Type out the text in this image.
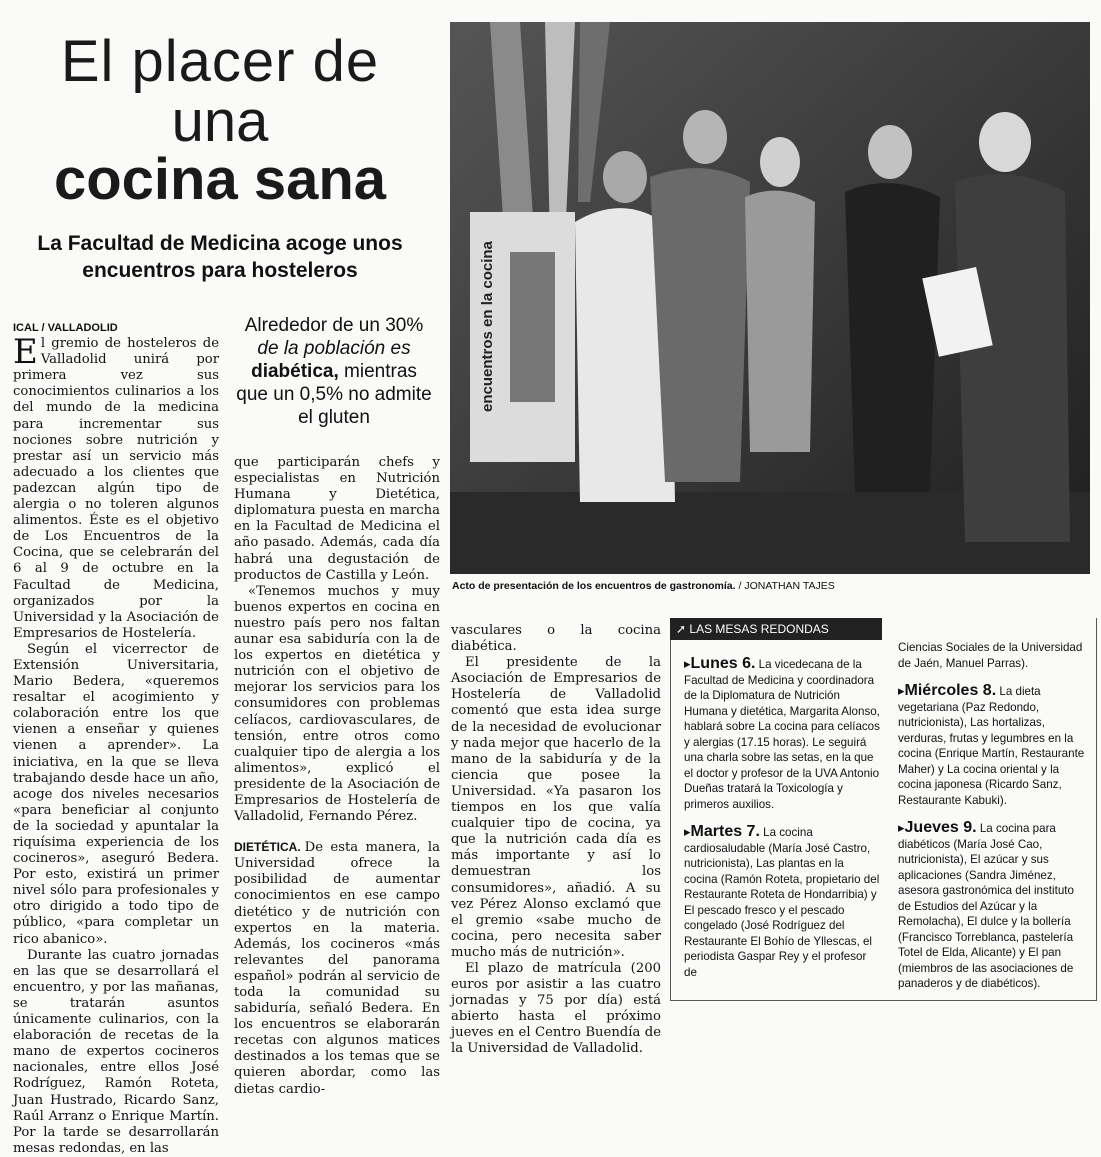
El placer de
una
cocina sana
La Facultad de Medicina acoge unos
encuentros para hosteleros
ICAL / VALLADOLID

El gremio de hosteleros de Valladolid unirá por primera vez sus conocimientos culinarios a los del mundo de la medicina para incrementar sus nociones sobre nutrición y prestar así un servicio más adecuado a los clientes que padezcan algún tipo de alergia o no toleren algunos alimentos. Éste es el objetivo de Los Encuentros de la Cocina, que se celebrarán del 6 al 9 de octubre en la Facultad de Medicina, organizados por la Universidad y la Asociación de Empresarios de Hostelería.

Según el vicerrector de Extensión Universitaria, Mario Bedera, «queremos resaltar el acogimiento y colaboración entre los que vienen a enseñar y quienes vienen a aprender». La iniciativa, en la que se lleva trabajando desde hace un año, acoge dos niveles necesarios «para beneficiar al conjunto de la sociedad y apuntalar la riquísima experiencia de los cocineros», aseguró Bedera. Por esto, existirá un primer nivel sólo para profesionales y otro dirigido a todo tipo de público, «para completar un rico abanico».

Durante las cuatro jornadas en las que se desarrollará el encuentro, y por las mañanas, se tratarán asuntos únicamente culinarios, con la elaboración de recetas de la mano de expertos cocineros nacionales, entre ellos José Rodríguez, Ramón Roteta, Juan Hustrado, Ricardo Sanz, Raúl Arranz o Enrique Martín. Por la tarde se desarrollarán mesas redondas, en las

Alrededor de un 30%
de la población es
diabética, mientras que un 0,5% no admite el gluten

que participarán chefs y especialistas en Nutrición Humana y Dietética, diplomatura puesta en marcha en la Facultad de Medicina el año pasado. Además, cada día habrá una degustación de productos de Castilla y León.

«Tenemos muchos y muy buenos expertos en cocina en nuestro país pero nos faltan aunar esa sabiduría con la de los expertos en dietética y nutrición con el objetivo de mejorar los servicios para los consumidores con problemas celíacos, cardiovasculares, de tensión, entre otros como cualquier tipo de alergia a los alimentos», explicó el presidente de la Asociación de Empresarios de Hostelería de Valladolid, Fernando Pérez.

DIETÉTICA. De esta manera, la Universidad ofrece la posibilidad de aumentar conocimientos en ese campo dietético y de nutrición con expertos en la materia. Además, los cocineros «más relevantes del panorama español» podrán al servicio de toda la comunidad su sabiduría, señaló Bedera. En los encuentros se elaborarán recetas con algunos matices destinados a los temas que se quieren abordar, como las dietas cardio-

encuentros en la cocina
Acto de presentación de los encuentros de gastronomía. / JONATHAN TAJES

vasculares o la cocina diabética.

El presidente de la Asociación de Empresarios de Hostelería de Valladolid comentó que esta idea surge de la necesidad de evolucionar y nada mejor que hacerlo de la mano de la sabiduría y de la ciencia que posee la Universidad. «Ya pasaron los tiempos en los que valía cualquier tipo de cocina, ya que la nutrición cada día es más importante y así lo demuestran los consumidores», añadió. A su vez Pérez Alonso exclamó que el gremio «sabe mucho de cocina, pero necesita saber mucho más de nutrición».

El plazo de matrícula (200 euros por asistir a las cuatro jornadas y 75 por día) está abierto hasta el próximo jueves en el Centro Buendía de la Universidad de Valladolid.

➚ LAS MESAS REDONDAS

▸Lunes 6. La vicedecana de la Facultad de Medicina y coordinadora de la Diplomatura de Nutrición Humana y dietética, Margarita Alonso, hablará sobre La cocina para celíacos y alergias (17.15 horas). Le seguirá una charla sobre las setas, en la que el doctor y profesor de la UVA Antonio Dueñas tratará la Toxicología y primeros auxilios.

▸Martes 7. La cocina cardiosaludable (María José Castro, nutricionista), Las plantas en la cocina (Ramón Roteta, propietario del Restaurante Roteta de Hondarribia) y El pescado fresco y el pescado congelado (José Rodríguez del Restaurante El Bohío de Yllescas, el periodista Gaspar Rey y el profesor de

Ciencias Sociales de la Universidad de Jaén, Manuel Parras).

▸Miércoles 8. La dieta vegetariana (Paz Redondo, nutricionista), Las hortalizas, verduras, frutas y legumbres en la cocina (Enrique Martín, Restaurante Maher) y La cocina oriental y la cocina japonesa (Ricardo Sanz, Restaurante Kabuki).

▸Jueves 9. La cocina para diabéticos (María José Cao, nutricionista), El azúcar y sus aplicaciones (Sandra Jiménez, asesora gastronómica del instituto de Estudios del Azúcar y la Remolacha), El dulce y la bollería (Francisco Torreblanca, pastelería Totel de Elda, Alicante) y El pan (miembros de las asociaciones de panaderos y de diabéticos).
